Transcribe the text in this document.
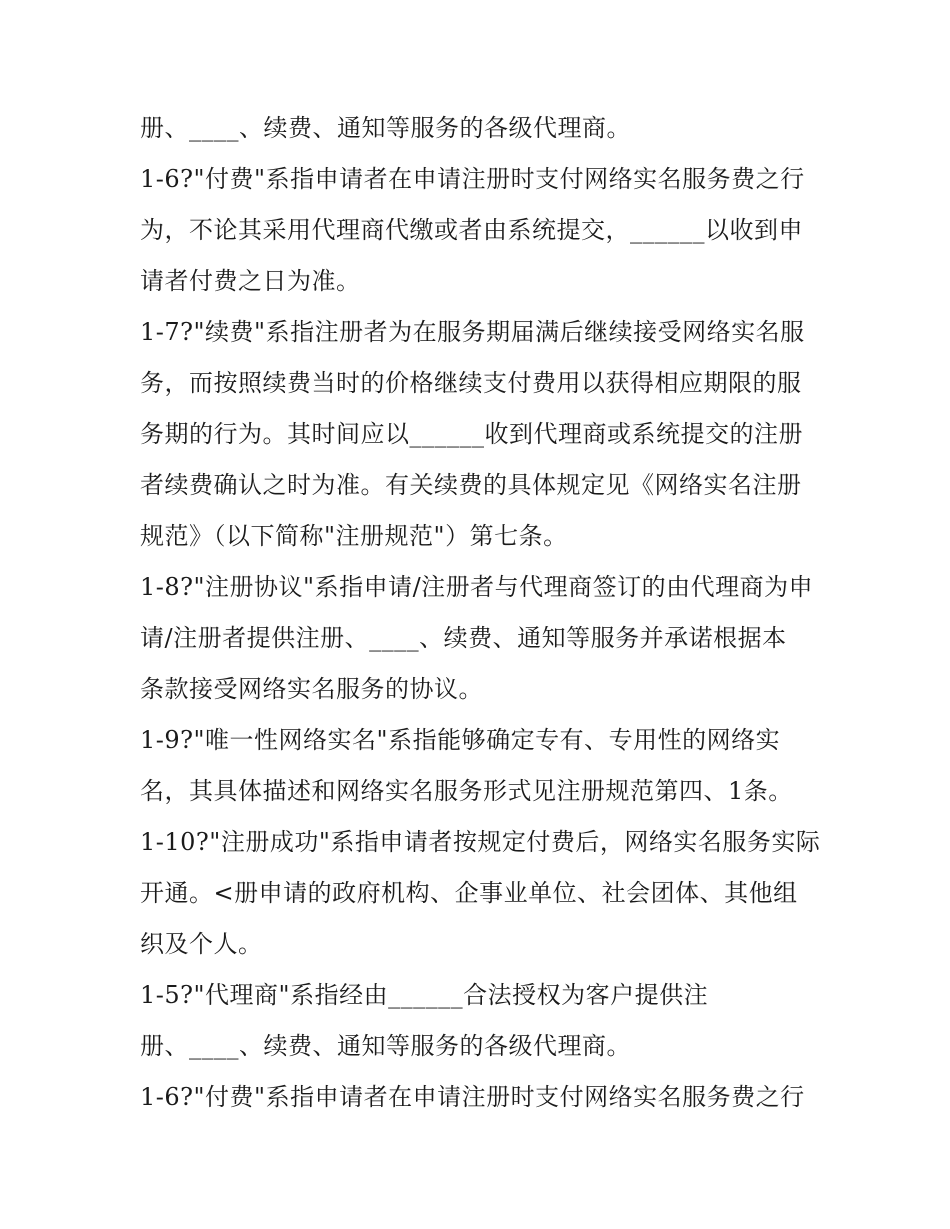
册、____、续费、通知等服务的各级代理商。
1-6?"付费"系指申请者在申请注册时支付网络实名服务费之行
为，不论其采用代理商代缴或者由系统提交，______以收到申
请者付费之日为准。
1-7?"续费"系指注册者为在服务期届满后继续接受网络实名服
务，而按照续费当时的价格继续支付费用以获得相应期限的服
务期的行为。其时间应以______收到代理商或系统提交的注册
者续费确认之时为准。有关续费的具体规定见《网络实名注册
规范》（以下简称"注册规范"）第七条。
1-8?"注册协议"系指申请/注册者与代理商签订的由代理商为申
请/注册者提供注册、____、续费、通知等服务并承诺根据本
条款接受网络实名服务的协议。
1-9?"唯一性网络实名"系指能够确定专有、专用性的网络实
名，其具体描述和网络实名服务形式见注册规范第四、1条。
1-10?"注册成功"系指申请者按规定付费后，网络实名服务实际
开通。<册申请的政府机构、企事业单位、社会团体、其他组
织及个人。
1-5?"代理商"系指经由______合法授权为客户提供注
册、____、续费、通知等服务的各级代理商。
1-6?"付费"系指申请者在申请注册时支付网络实名服务费之行
